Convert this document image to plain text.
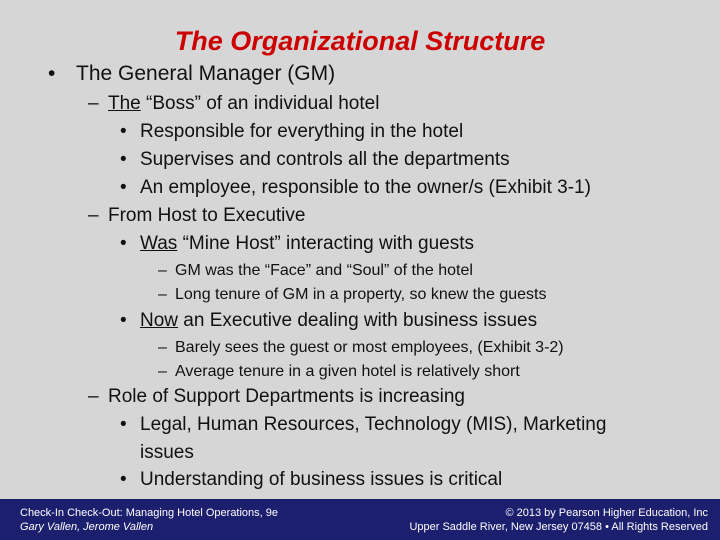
The Organizational Structure
• The General Manager (GM)
– The “Boss” of an individual hotel
• Responsible for everything in the hotel
• Supervises and controls all the departments
• An employee, responsible to the owner/s (Exhibit 3-1)
– From Host to Executive
• Was “Mine Host” interacting with guests
– GM was the “Face” and “Soul” of the hotel
– Long tenure of GM in a property, so knew the guests
• Now an Executive dealing with business issues
– Barely sees the guest or most employees, (Exhibit 3-2)
– Average tenure in a given hotel is relatively short
– Role of Support Departments is increasing
• Legal, Human Resources, Technology (MIS), Marketing
issues
• Understanding of business issues is critical
Check-In Check-Out: Managing Hotel Operations, 9e
Gary Vallen, Jerome Vallen
© 2013 by Pearson Higher Education, Inc
Upper Saddle River, New Jersey 07458 • All Rights Reserved
